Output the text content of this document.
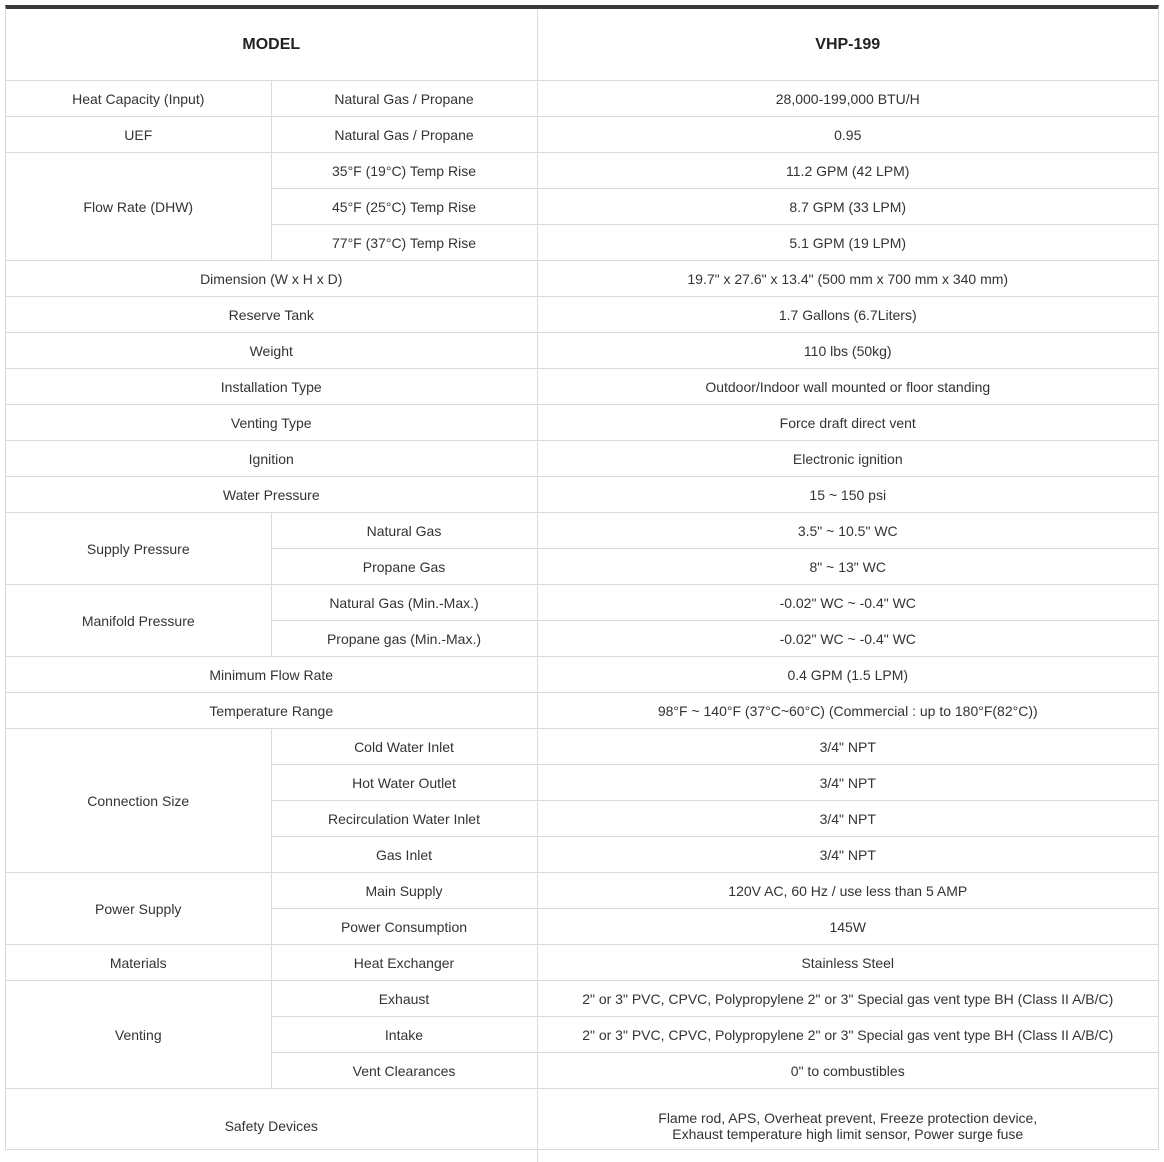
MODEL		VHP-199
Heat Capacity (Input)	Natural Gas / Propane	28,000-199,000 BTU/H
UEF	Natural Gas / Propane	0.95
Flow Rate (DHW)	35°F (19°C) Temp Rise	11.2 GPM (42 LPM)
	45°F (25°C) Temp Rise	8.7 GPM (33 LPM)
	77°F (37°C) Temp Rise	5.1 GPM (19 LPM)
Dimension (W x H x D)		19.7" x 27.6" x 13.4" (500 mm x 700 mm x 340 mm)
Reserve Tank		1.7 Gallons (6.7Liters)
Weight		110 lbs (50kg)
Installation Type		Outdoor/Indoor wall mounted or floor standing
Venting Type		Force draft direct vent
Ignition		Electronic ignition
Water Pressure		15 ~ 150 psi
Supply Pressure	Natural Gas	3.5" ~ 10.5" WC
	Propane Gas	8" ~ 13" WC
Manifold Pressure	Natural Gas (Min.-Max.)	-0.02" WC ~ -0.4" WC
	Propane gas (Min.-Max.)	-0.02" WC ~ -0.4" WC
Minimum Flow Rate		0.4 GPM (1.5 LPM)
Temperature Range		98°F ~ 140°F (37°C~60°C) (Commercial : up to 180°F(82°C))
Connection Size	Cold Water Inlet	3/4" NPT
	Hot Water Outlet	3/4" NPT
	Recirculation Water Inlet	3/4" NPT
	Gas Inlet	3/4" NPT
Power Supply	Main Supply	120V AC, 60 Hz / use less than 5 AMP
	Power Consumption	145W
Materials	Heat Exchanger	Stainless Steel
Venting	Exhaust	2" or 3" PVC, CPVC, Polypropylene 2" or 3" Special gas vent type BH (Class II A/B/C)
	Intake	2" or 3" PVC, CPVC, Polypropylene 2" or 3" Special gas vent type BH (Class II A/B/C)
	Vent Clearances	0" to combustibles
Safety Devices		Flame rod, APS, Overheat prevent, Freeze protection device,
Exhaust temperature high limit sensor, Power surge fuse
